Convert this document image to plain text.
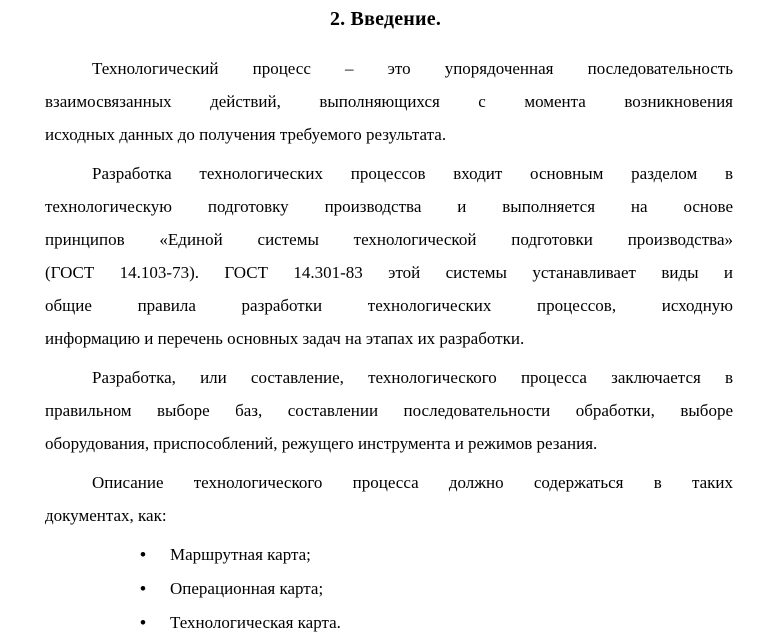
2. Введение.
Технологический процесс – это упорядоченная последовательность
взаимосвязанных действий, выполняющихся с момента возникновения
исходных данных до получения требуемого результата.
Разработка технологических процессов входит основным разделом в
технологическую подготовку производства и выполняется на основе
принципов «Единой системы технологической подготовки производства»
(ГОСТ 14.103-73). ГОСТ 14.301-83 этой системы устанавливает виды и
общие правила разработки технологических процессов, исходную
информацию и перечень основных задач на этапах их разработки.
Разработка, или составление, технологического процесса заключается в
правильном выборе баз, составлении последовательности обработки, выборе
оборудования, приспособлений, режущего инструмента и режимов резания.
Описание технологического процесса должно содержаться в таких
документах, как:
• Маршрутная карта;
• Операционная карта;
• Технологическая карта.
